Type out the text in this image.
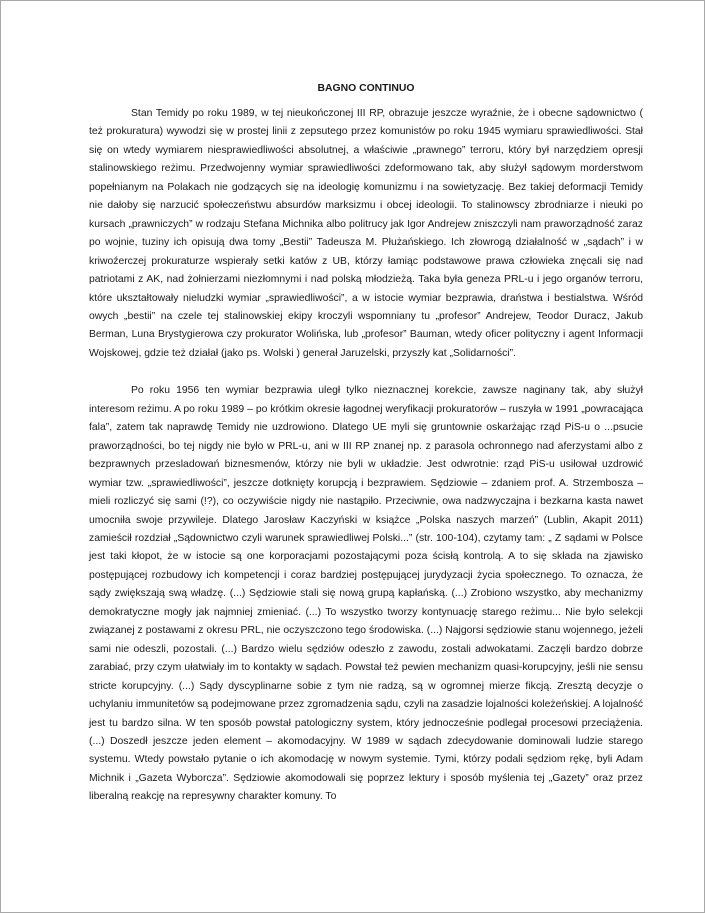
BAGNO CONTINUO

Stan Temidy po roku 1989, w tej nieukończonej III RP, obrazuje jeszcze wyraźnie, że i obecne sądownictwo ( też prokuratura) wywodzi się w prostej linii z zepsutego przez komunistów po roku 1945 wymiaru sprawiedliwości. Stał się on wtedy wymiarem niesprawiedliwości absolutnej, a właściwie „prawnego” terroru, który był narzędziem opresji stalinowskiego reżimu. Przedwojenny wymiar sprawiedliwości zdeformowano tak, aby służył sądowym morderstwom popełnianym na Polakach nie godzących się na ideologię komunizmu i na sowietyzację. Bez takiej deformacji Temidy nie dałoby się narzucić społeczeństwu absurdów marksizmu i obcej ideologii. To stalinowscy zbrodniarze i nieuki po kursach „prawniczych” w rodzaju Stefana Michnika albo politrucy jak Igor Andrejew zniszczyli nam praworządność zaraz po wojnie, tuziny ich opisują dwa tomy „Bestii” Tadeusza M. Płużańskiego. Ich złowrogą działalność w „sądach” i w kriwoźerczej prokuraturze wspierały setki katów z UB, którzy łamiąc podstawowe prawa człowieka znęcali się nad patriotami z AK, nad żołnierzami niezłomnymi i nad polską młodzieżą. Taka była geneza PRL-u i jego organów terroru, które ukształtowały nieludzki wymiar „sprawiedliwości”, a w istocie wymiar bezprawia, draństwa i bestialstwa. Wśród owych „bestii” na czele tej stalinowskiej ekipy kroczyli wspomniany tu „profesor” Andrejew, Teodor Duracz, Jakub Berman, Luna Brystygierowa czy prokurator Wolińska, lub „profesor” Bauman, wtedy oficer polityczny i agent Informacji Wojskowej, gdzie też działał (jako ps. Wolski ) generał Jaruzelski, przyszły kat „Solidarności”.

Po roku 1956 ten wymiar bezprawia uległ tylko nieznacznej korekcie, zawsze naginany tak, aby służył interesom reżimu. A po roku 1989 – po krótkim okresie łagodnej weryfikacji prokuratorów – ruszyła w 1991 „powracająca fala”, zatem tak naprawdę Temidy nie uzdrowiono. Dlatego UE myli się gruntownie oskarżając rząd PiS-u o ...psucie praworządności, bo tej nigdy nie było w PRL-u, ani w III RP znanej np. z parasola ochronnego nad aferzystami albo z bezprawnych przesladowań biznesmenów, którzy nie byli w układzie. Jest odwrotnie: rząd PiS-u usiłował uzdrowić wymiar tzw. „sprawiedliwości”, jeszcze dotknięty korupcją i bezprawiem. Sędziowie – zdaniem prof. A. Strzembosza – mieli rozliczyć się sami (!?), co oczywiście nigdy nie nastąpiło. Przeciwnie, owa nadzwyczajna i bezkarna kasta nawet umocniła swoje przywileje. Dlatego Jarosław Kaczyński w książce „Polska naszych marzeń” (Lublin, Akapit 2011) zamieścił rozdział „Sądownictwo czyli warunek sprawiedliwej Polski...” (str. 100-104), czytamy tam: „ Z sądami w Polsce jest taki kłopot, że w istocie są one korporacjami pozostającymi poza ścisłą kontrolą. A to się składa na zjawisko postępującej rozbudowy ich kompetencji i coraz bardziej postępującej jurydyzacji życia społecznego. To oznacza, że sądy zwiększają swą władzę. (...) Sędziowie stali się nową grupą kapłańską. (...) Zrobiono wszystko, aby mechanizmy demokratyczne mogły jak najmniej zmieniać. (...) To wszystko tworzy kontynuację starego reżimu... Nie było selekcji związanej z postawami z okresu PRL, nie oczyszczono tego środowiska. (...) Najgorsi sędziowie stanu wojennego, jeżeli sami nie odeszli, pozostali. (...) Bardzo wielu sędziów odeszło z zawodu, zostali adwokatami. Zaczęli bardzo dobrze zarabiać, przy czym ułatwiały im to kontakty w sądach. Powstał też pewien mechanizm quasi-korupcyjny, jeśli nie sensu stricte korupcyjny. (...) Sądy dyscyplinarne sobie z tym nie radzą, są w ogromnej mierze fikcją. Zresztą decyzje o uchylaniu immunitetów są podejmowane przez zgromadzenia sądu, czyli na zasadzie lojalności koleżeńskiej. A lojalność jest tu bardzo silna. W ten sposób powstał patologiczny system, który jednocześnie podlegał procesowi przeciążenia. (...) Doszedł jeszcze jeden element – akomodacyjny. W 1989 w sądach zdecydowanie dominowali ludzie starego systemu. Wtedy powstało pytanie o ich akomodację w nowym systemie. Tymi, którzy podali sędziom rękę, byli Adam Michnik i „Gazeta Wyborcza”. Sędziowie akomodowali się poprzez lektury i sposób myślenia tej „Gazety” oraz przez liberalną reakcję na represywny charakter komuny. To
